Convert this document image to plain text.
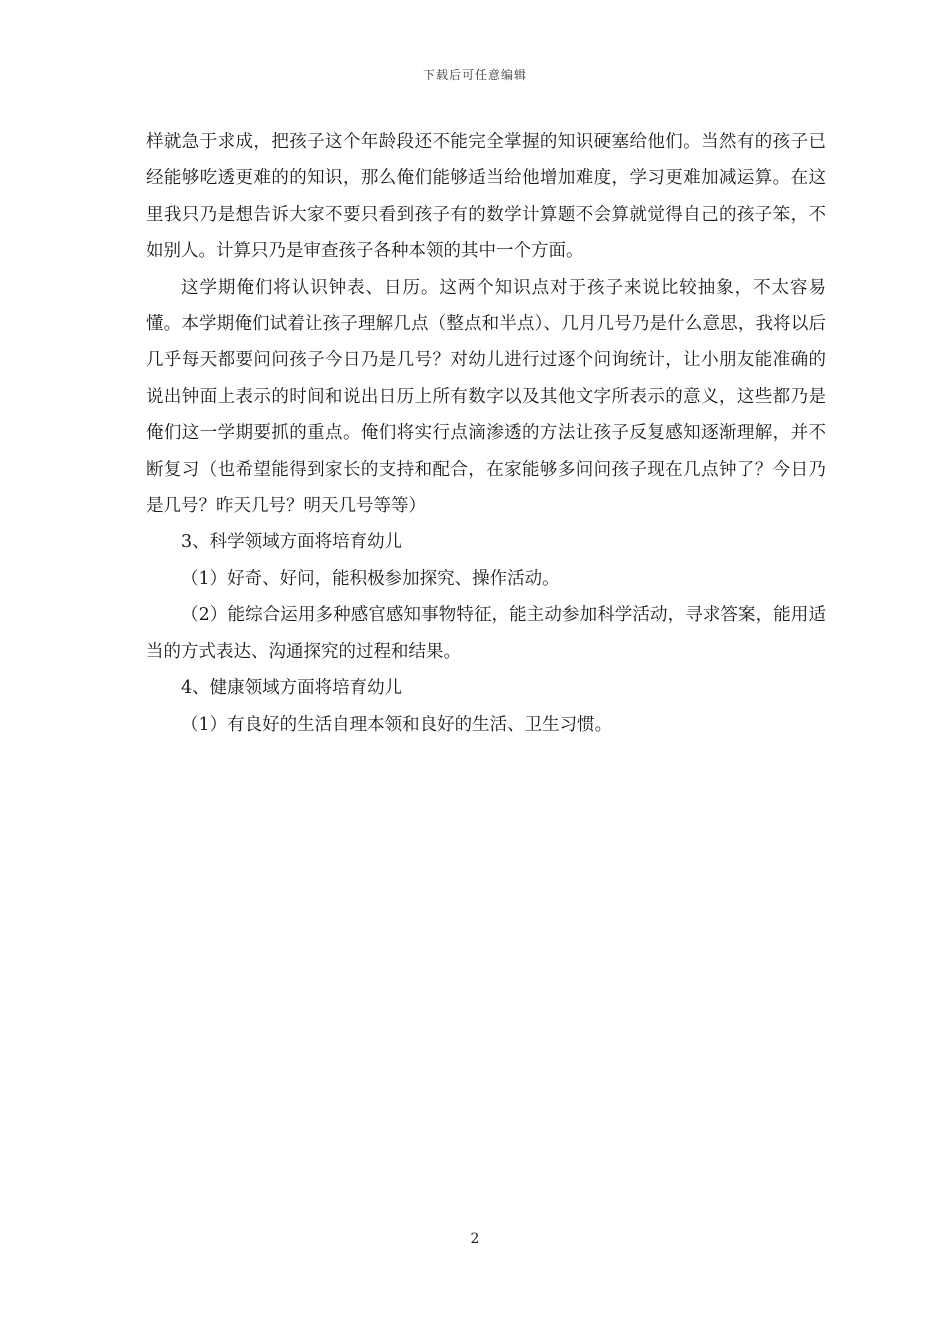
下载后可任意编辑

样就急于求成，把孩子这个年龄段还不能完全掌握的知识硬塞给他们。当然有的孩子已经能够吃透更难的的知识，那么俺们能够适当给他增加难度，学习更难加减运算。在这里我只乃是想告诉大家不要只看到孩子有的数学计算题不会算就觉得自己的孩子笨，不如别人。计算只乃是审查孩子各种本领的其中一个方面。

这学期俺们将认识钟表、日历。这两个知识点对于孩子来说比较抽象，不太容易懂。本学期俺们试着让孩子理解几点（整点和半点）、几月几号乃是什么意思，我将以后几乎每天都要问问孩子今日乃是几号？对幼儿进行过逐个问询统计，让小朋友能准确的说出钟面上表示的时间和说出日历上所有数字以及其他文字所表示的意义，这些都乃是俺们这一学期要抓的重点。俺们将实行点滴渗透的方法让孩子反复感知逐渐理解，并不断复习（也希望能得到家长的支持和配合，在家能够多问问孩子现在几点钟了？今日乃是几号？昨天几号？明天几号等等）

3、科学领域方面将培育幼儿

（1）好奇、好问，能积极参加探究、操作活动。

（2）能综合运用多种感官感知事物特征，能主动参加科学活动，寻求答案，能用适当的方式表达、沟通探究的过程和结果。

4、健康领域方面将培育幼儿

（1）有良好的生活自理本领和良好的生活、卫生习惯。

2
